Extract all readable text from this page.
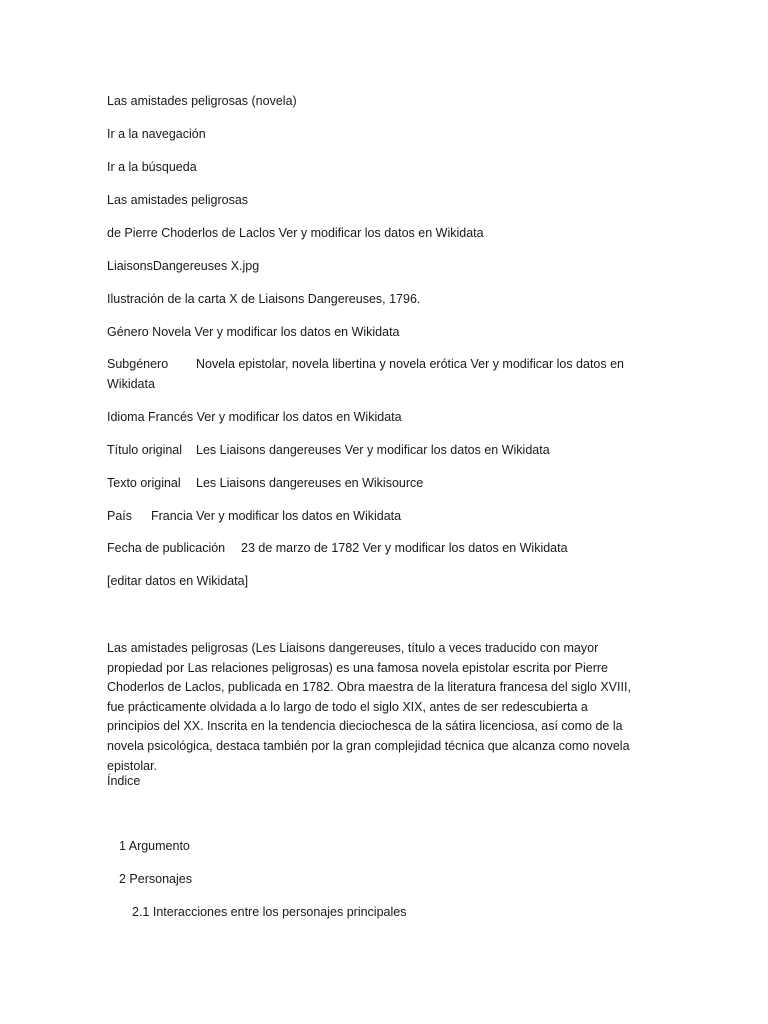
Las amistades peligrosas (novela)
Ir a la navegación
Ir a la búsqueda
Las amistades peligrosas
de Pierre Choderlos de Laclos Ver y modificar los datos en Wikidata
LiaisonsDangereuses X.jpg
Ilustración de la carta X de Liaisons Dangereuses, 1796.
Género Novela Ver y modificar los datos en Wikidata
Subgénero Novela epistolar, novela libertina y novela erótica Ver y modificar los datos en
Wikidata
Idioma Francés Ver y modificar los datos en Wikidata
Título original Les Liaisons dangereuses Ver y modificar los datos en Wikidata
Texto original Les Liaisons dangereuses en Wikisource
País Francia Ver y modificar los datos en Wikidata
Fecha de publicación 23 de marzo de 1782 Ver y modificar los datos en Wikidata
[editar datos en Wikidata]
Las amistades peligrosas (Les Liaisons dangereuses, título a veces traducido con mayor propiedad por Las relaciones peligrosas) es una famosa novela epistolar escrita por Pierre Choderlos de Laclos, publicada en 1782. Obra maestra de la literatura francesa del siglo XVIII, fue prácticamente olvidada a lo largo de todo el siglo XIX, antes de ser redescubierta a principios del XX. Inscrita en la tendencia dieciochesca de la sátira licenciosa, así como de la novela psicológica, destaca también por la gran complejidad técnica que alcanza como novela epistolar.
Índice
1 Argumento
2 Personajes
2.1 Interacciones entre los personajes principales
